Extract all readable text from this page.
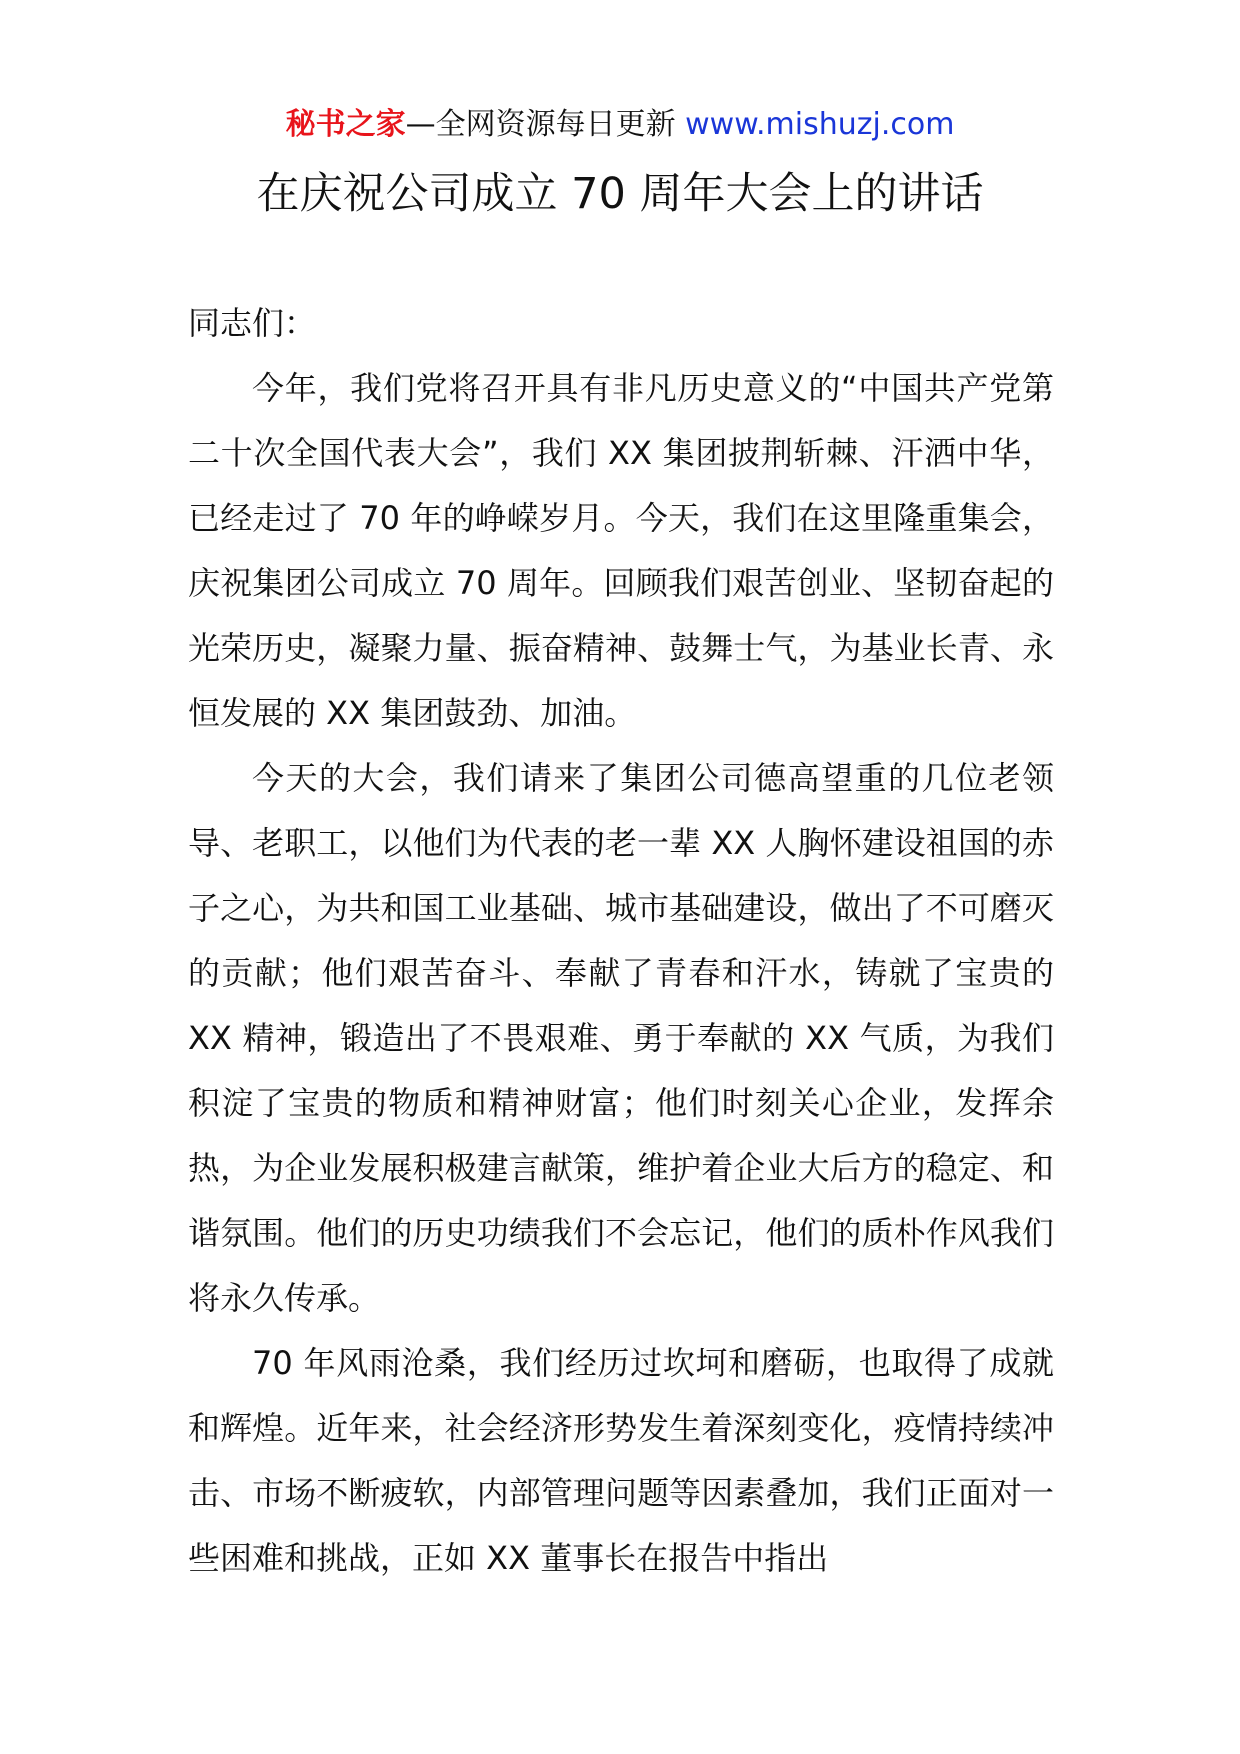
秘书之家—全网资源每日更新 www.mishuzj.com
在庆祝公司成立 70 周年大会上的讲话

同志们：

今年，我们党将召开具有非凡历史意义的“中国共产党第二十次全国代表大会”，我们 XX 集团披荆斩棘、汗洒中华，已经走过了 70 年的峥嵘岁月。今天，我们在这里隆重集会，庆祝集团公司成立 70 周年。回顾我们艰苦创业、坚韧奋起的光荣历史，凝聚力量、振奋精神、鼓舞士气，为基业长青、永恒发展的 XX 集团鼓劲、加油。

今天的大会，我们请来了集团公司德高望重的几位老领导、老职工，以他们为代表的老一辈 XX 人胸怀建设祖国的赤子之心，为共和国工业基础、城市基础建设，做出了不可磨灭的贡献；他们艰苦奋斗、奉献了青春和汗水，铸就了宝贵的 XX 精神，锻造出了不畏艰难、勇于奉献的 XX 气质，为我们积淀了宝贵的物质和精神财富；他们时刻关心企业，发挥余热，为企业发展积极建言献策，维护着企业大后方的稳定、和谐氛围。他们的历史功绩我们不会忘记，他们的质朴作风我们将永久传承。

70 年风雨沧桑，我们经历过坎坷和磨砺，也取得了成就和辉煌。近年来，社会经济形势发生着深刻变化，疫情持续冲击、市场不断疲软，内部管理问题等因素叠加，我们正面对一些困难和挑战，正如 XX 董事长在报告中指出
